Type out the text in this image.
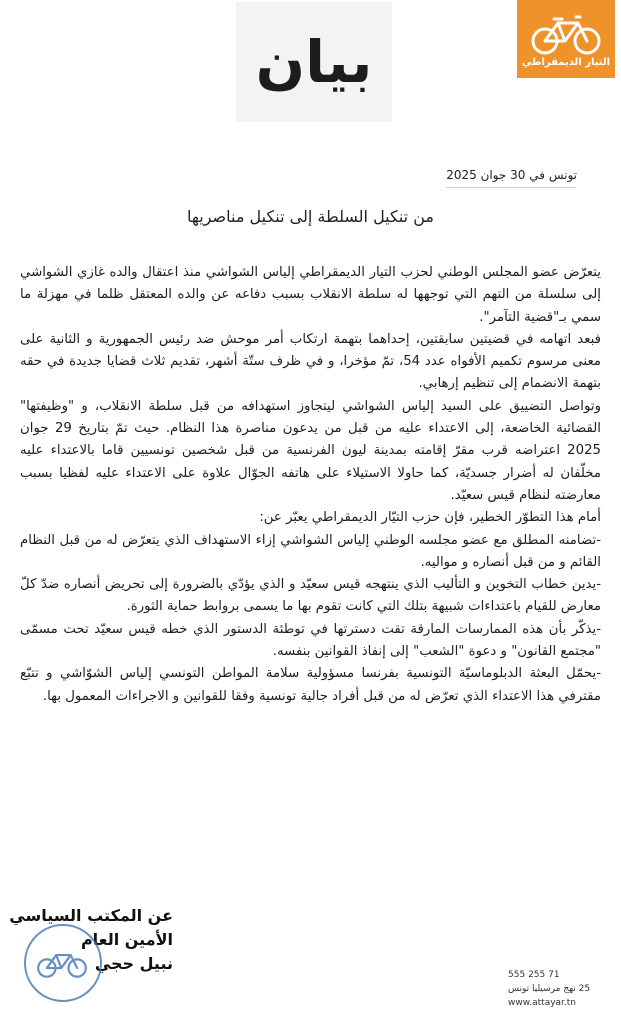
التيار الديمقراطي
بيان
تونس في 30 جوان 2025
من تنكيل السلطة إلى تنكيل مناصريها

يتعرّض عضو المجلس الوطني لحزب التيار الديمقراطي إلياس الشواشي منذ اعتقال والده غازي الشواشي إلى سلسلة من التهم التي توجهها له سلطة الانقلاب بسبب دفاعه عن والده المعتقل ظلما في مهزلة ما سمي بـ"قضية التآمر".

فبعد اتهامه في قضيتين سابقتين، إحداهما بتهمة ارتكاب أمر موحش ضد رئيس الجمهورية و الثانية على معنى مرسوم تكميم الأفواه عدد 54، تمّ مؤخرا، و في ظرف ستّة أشهر، تقديم ثلاث قضايا جديدة في حقه بتهمة الانضمام إلى تنظيم إرهابي.

وتواصل التضييق على السيد إلياس الشواشي ليتجاوز استهدافه من قبل سلطة الانقلاب، و "وظيفتها" القضائية الخاضعة، إلى الاعتداء عليه من قبل من يدعون مناصرة هذا النظام. حيث تمّ بتاريخ 29 جوان 2025 اعتراضه قرب مقرّ إقامته بمدينة ليون الفرنسية من قبل شخصين تونسيين قاما بالاعتداء عليه مخلّفان له أضرار جسديّة، كما حاولا الاستيلاء على هاتفه الجوّال علاوة على الاعتداء عليه لفظيا بسبب معارضته لنظام قيس سعيّد.

أمام هذا التطوّر الخطير، فإن حزب التيّار الديمقراطي يعبّر عن:

-تضامنه المطلق مع عضو مجلسه الوطني إلياس الشواشي إزاء الاستهداف الذي يتعرّض له من قبل النظام القائم و من قبل أنصاره و مواليه.

-يدين خطاب التخوين و التأليب الذي ينتهجه قيس سعيّد و الذي يؤدّي بالضرورة إلى تحريض أنصاره ضدّ كلّ معارض للقيام باعتداءات شبيهة بتلك التي كانت تقوم بها ما يسمى بروابط حماية الثورة.

-يذكّر بأن هذه الممارسات المارقة تقت دسترتها في توطئة الدستور الذي خطه قيس سعيّد تحت مسمّى "مجتمع القانون" و دعوة "الشعب" إلى إنفاذ القوانين بنفسه.

-يحمّل البعثة الدبلوماسيّة التونسية بفرنسا مسؤولية سلامة المواطن التونسي إلياس الشوّاشي و تتبّع مقترفي هذا الاعتداء الذي تعرّض له من قبل أفراد جالية تونسية وفقا للقوانين و الاجراءات المعمول بها.

عن المكتب السياسي
الأمين العام
نبيل حجي
71 255 555
25 نهج مرسيليا تونس
www.attayar.tn
